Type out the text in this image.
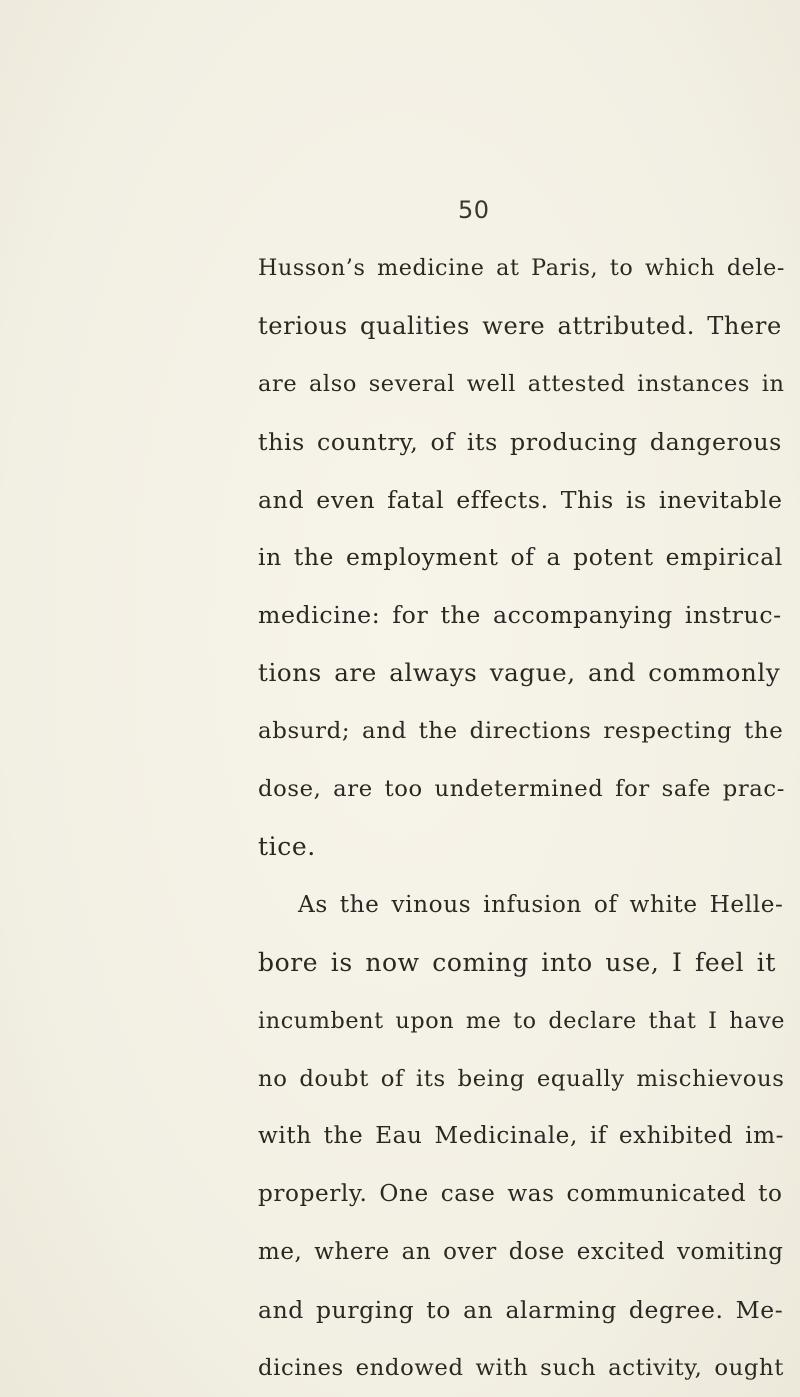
50
Husson’s medicine at Paris, to which dele-
terious qualities were attributed. There
are also several well attested instances in
this country, of its producing dangerous
and even fatal effects. This is inevitable
in the employment of a potent empirical
medicine: for the accompanying instruc-
tions are always vague, and commonly
absurd; and the directions respecting the
dose, are too undetermined for safe prac-
tice.
As the vinous infusion of white Helle-
bore is now coming into use, I feel it
incumbent upon me to declare that I have
no doubt of its being equally mischievous
with the Eau Medicinale, if exhibited im-
properly. One case was communicated to
me, where an over dose excited vomiting
and purging to an alarming degree. Me-
dicines endowed with such activity, ought
